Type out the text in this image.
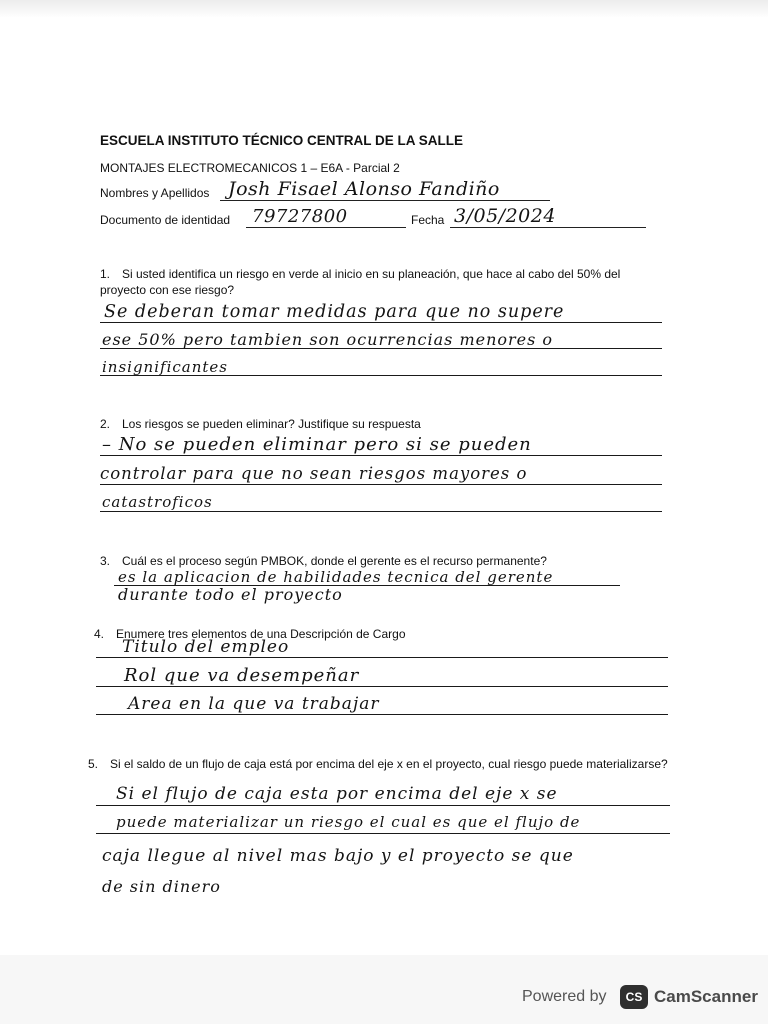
ESCUELA INSTITUTO TÉCNICO CENTRAL DE LA SALLE
MONTAJES ELECTROMECANICOS 1 – E6A - Parcial 2
Nombres y Apellidos Josh Fisael Alonso Fandiño
Documento de identidad 79727800	Fecha 3/05/2024
1. Si usted identifica un riesgo en verde al inicio en su planeación, que hace al cabo del 50% del proyecto con ese riesgo?
Se deberan tomar medidas para que no supere
ese 50% pero tambien son ocurrencias menores o
insignificantes
2. Los riesgos se pueden eliminar? Justifique su respuesta
– No se pueden eliminar pero si se pueden
controlar para que no sean riesgos mayores o
catastroficos
3. Cuál es el proceso según PMBOK, donde el gerente es el recurso permanente?
es la aplicacion de habilidades tecnica del gerente
durante todo el proyecto
4. Enumere tres elementos de una Descripción de Cargo
Titulo del empleo
Rol que va desempeñar
Area en la que va trabajar
5. Si el saldo de un flujo de caja está por encima del eje x en el proyecto, cual riesgo puede materializarse?
Si el flujo de caja esta por encima del eje x se
puede materializar un riesgo el cual es que el flujo de
caja llegue al nivel mas bajo y el proyecto se que
de sin dinero
Powered by	CS CamScanner
